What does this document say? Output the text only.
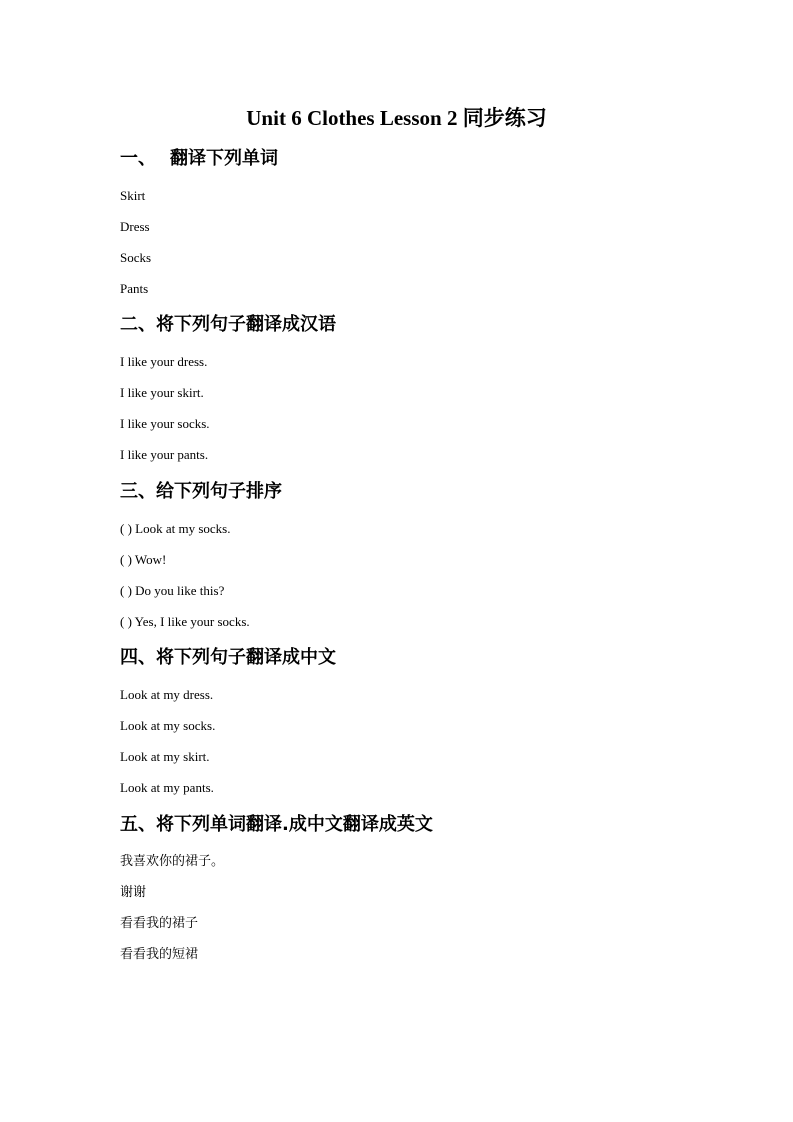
Unit 6 Clothes Lesson 2 同步练习
一、 翻译下列单词
Skirt
Dress
Socks
Pants
二、将下列句子翻译成汉语
I like your dress.
I like your skirt.
I like your socks.
I like your pants.
三、给下列句子排序
( ) Look at my socks.
( ) Wow!
( ) Do you like this?
( ) Yes, I like your socks.
四、将下列句子翻译成中文
Look at my dress.
Look at my socks.
Look at my skirt.
Look at my pants.
五、将下列单词翻译.成中文翻译成英文
我喜欢你的裙子。
谢谢
看看我的裙子
看看我的短裙
